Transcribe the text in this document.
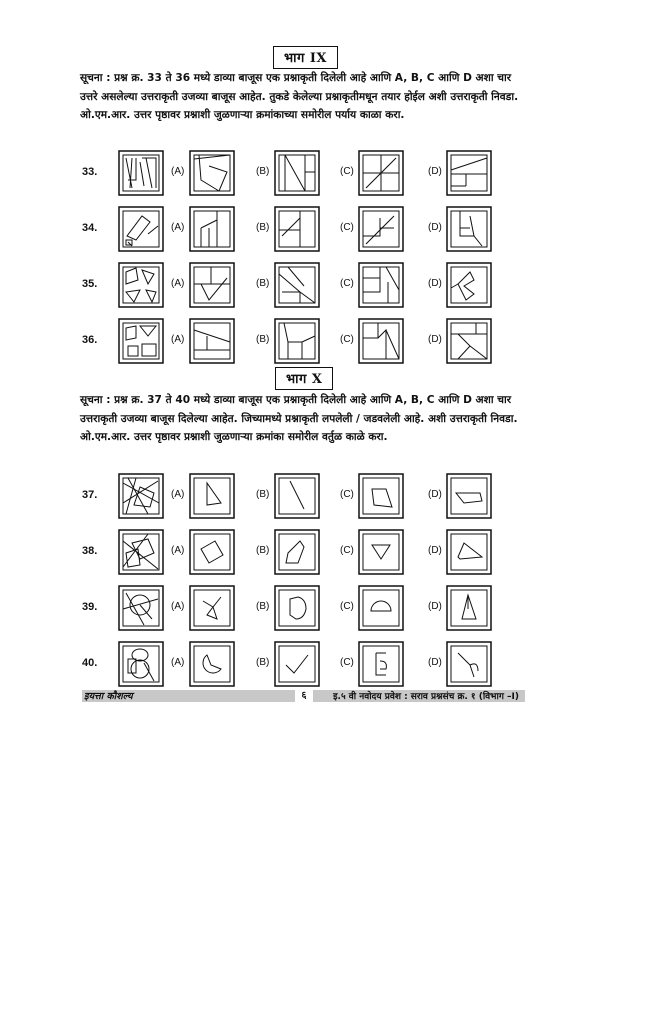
भाग IX
सूचना : प्रश्न क्र. 33 ते 36 मध्ये डाव्या बाजूस एक प्रश्नाकृती दिलेली आहे आणि A, B, C आणि D अशा चार उत्तरे असलेल्या उत्तराकृती उजव्या बाजूस आहेत. तुकडे केलेल्या प्रश्नाकृतीमधून तयार होईल अशी उत्तराकृती निवडा. ओ.एम.आर. उत्तर पृष्ठावर प्रश्नाशी जुळणाऱ्या क्रमांकाच्या समोरील पर्याय काळा करा.
33.	(A)	(B)	(C)	(D)
34.	(A)	(B)	(C)	(D)
35.	(A)	(B)	(C)	(D)
36.	(A)	(B)	(C)	(D)
भाग X
सूचना : प्रश्न क्र. 37 ते 40 मध्ये डाव्या बाजूस एक प्रश्नाकृती दिलेली आहे आणि A, B, C आणि D अशा चार उत्तराकृती उजव्या बाजूस दिलेल्या आहेत. जिच्यामध्ये प्रश्नाकृती लपलेली / जडवलेली आहे. अशी उत्तराकृती निवडा. ओ.एम.आर. उत्तर पृष्ठावर प्रश्नाशी जुळणाऱ्या क्रमांका समोरील वर्तुळ काळे करा.
37.	(A)	(B)	(C)	(D)
38.	(A)	(B)	(C)	(D)
39.	(A)	(B)	(C)	(D)
40.	(A)	(B)	(C)	(D)
इयत्ता कौशल्य	६	इ.५ वी नवोदय प्रवेश : सराव प्रश्नसंच क्र. १ (विभाग –I)
